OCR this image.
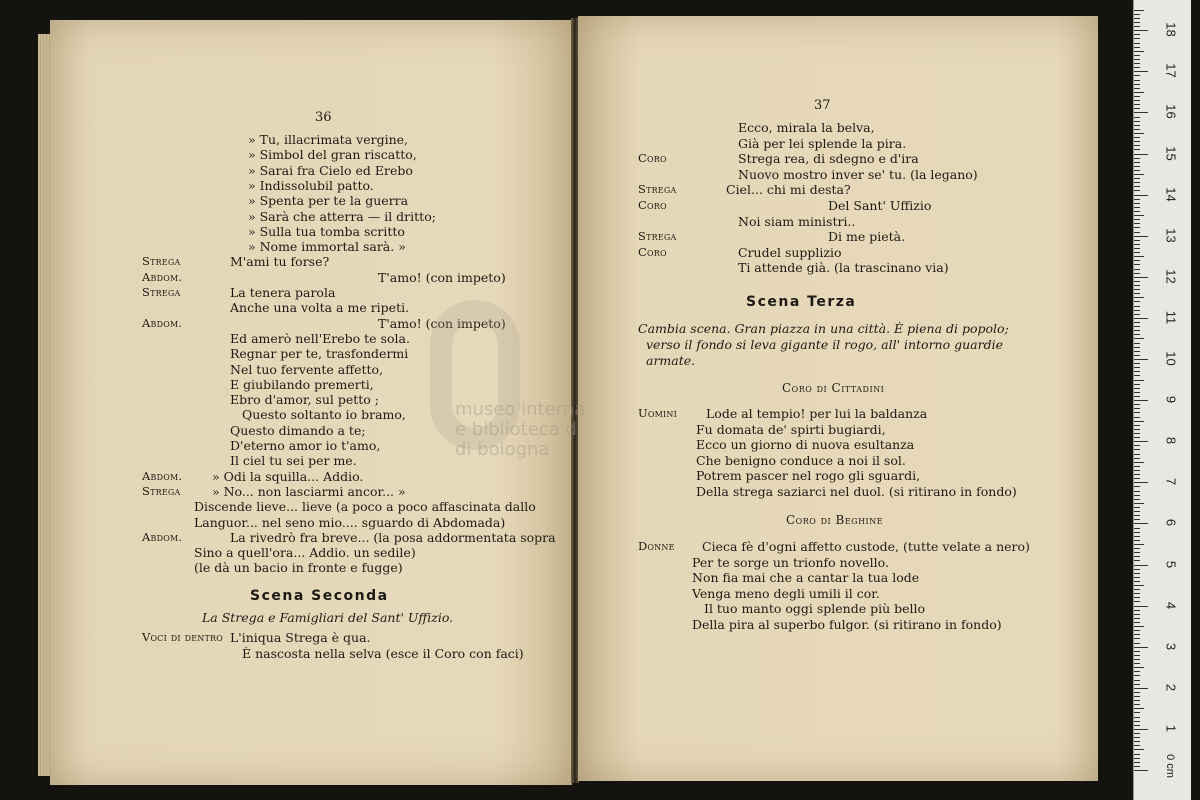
36
» Tu, illacrimata vergine,
» Simbol del gran riscatto,
» Sarai fra Cielo ed Erebo
» Indissolubil patto.
» Spenta per te la guerra
» Sarà che atterra — il dritto;
» Sulla tua tomba scritto
» Nome immortal sarà. »
Strega	M'ami tu forse?
Abdom.	T'amo! (con impeto)
Strega	La tenera parola
Anche una volta a me ripeti.
Abdom.	T'amo! (con impeto)
Ed amerò nell'Erebo te sola.
Regnar per te, trasfondermi
Nel tuo fervente affetto,
E giubilando premerti,
Ebro d'amor, sul petto ;
Questo soltanto io bramo,
Questo dimando a te;
D'eterno amor io t'amo,
Il ciel tu sei per me.
Abdom. » Odi la squilla... Addio.
Strega	» No... non lasciarmi ancor... »
Discende lieve... lieve (a poco a poco affascinata dallo
Languor... nel seno mio.... sguardo di Abdomada)
Abdom.	La rivedrò fra breve... (la posa addormentata sopra
Sino a quell'ora... Addio. un sedile)
(le dà un bacio in fronte e fugge)
Scena Seconda
La Strega e Famigliari del Sant' Uffizio.
Voci di dentro L'iniqua Strega è qua.
È nascosta nella selva (esce il Coro con faci)
37
Ecco, mirala la belva,
Già per lei splende la pira.
Coro	Strega rea, di sdegno e d'ira
Nuovo mostro inver se' tu. (la legano)
Strega	Ciel... chi mi desta?
Coro	Del Sant' Uffizio
Noi siam ministri..
Strega	Di me pietà.
Coro	Crudel supplizio
Ti attende già. (la trascinano via)
Scena Terza
Cambia scena. Gran piazza in una città. È piena di popolo;
verso il fondo si leva gigante il rogo, all' intorno guardie
armate.
Coro di Cittadini
Uomini Lode al tempio! per lui la baldanza
Fu domata de' spirti bugiardi,
Ecco un giorno di nuova esultanza
Che benigno conduce a noi il sol.
Potrem pascer nel rogo gli sguardi,
Della strega saziarci nel duol. (si ritirano in fondo)
Coro di Beghine
Donne Cieca fè d'ogni affetto custode, (tutte velate a nero)
Per te sorge un trionfo novello.
Non fia mai che a cantar la tua lode
Venga meno degli umili il cor.
Il tuo manto oggi splende più bello
Della pira al superbo fulgor. (si ritirano in fondo)
museo interna
e biblioteca d
di bologna
18
17
16
15
14
13
12
11
10
9
8
7
6
5
4
3
2
1
0 cm
